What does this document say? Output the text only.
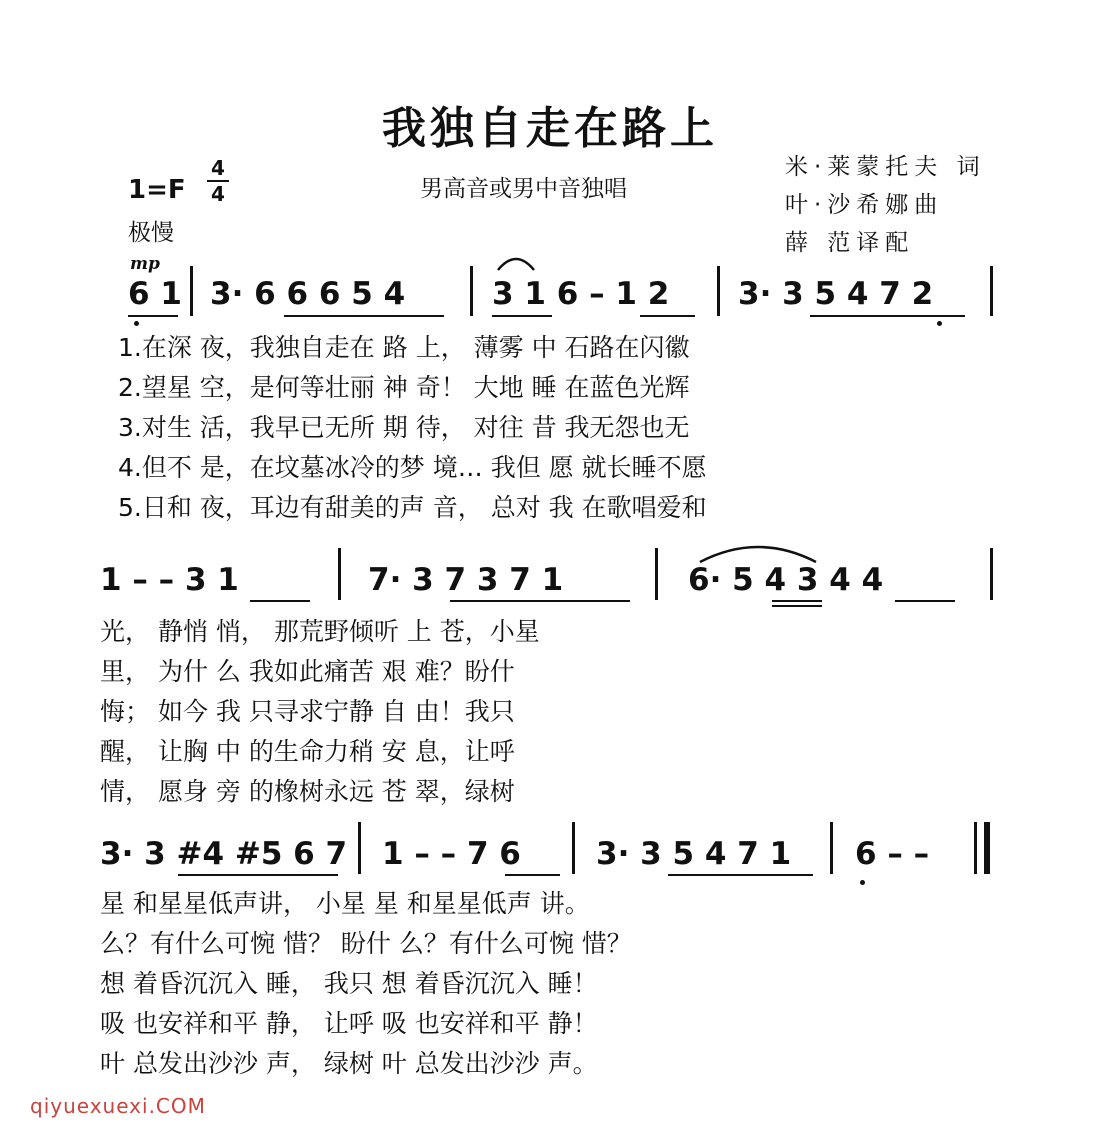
我独自走在路上
男高音或男中音独唱
米·莱蒙托夫 词
叶·沙希娜曲
薛 范译配
1=F
4
4
极慢
mp
6 1 3· 6 6 6 5 4	3 1 6 – 1 2 3· 3 5 4 7 2
1.在深 夜，我独自走在 路 上， 薄雾 中 石路在闪徽
2.望星 空，是何等壮丽 神 奇！ 大地 睡 在蓝色光辉
3.对生 活，我早已无所 期 待， 对往 昔 我无怨也无
4.但不 是，在坟墓冰冷的梦 境… 我但 愿 就长睡不愿
5.日和 夜，耳边有甜美的声 音， 总对 我 在歌唱爱和
1 – – 3 1	7· 3 7 3 7 1	6· 5 4 3 4 4
光， 静悄 悄， 那荒野倾听 上 苍，小星
里， 为什 么 我如此痛苦 艰 难？盼什
悔； 如今 我 只寻求宁静 自 由！我只
醒， 让胸 中 的生命力稍 安 息，让呼
情， 愿身 旁 的橡树永远 苍 翠，绿树
3· 3 #4 #5 6 7 1 – – 7 6 3· 3 5 4 7 1 6 – –
星 和星星低声讲， 小星 星 和星星低声 讲。
么？有什么可惋 惜？ 盼什 么？有什么可惋 惜？
想 着昏沉沉入 睡， 我只 想 着昏沉沉入 睡！
吸 也安祥和平 静， 让呼 吸 也安祥和平 静！
叶 总发出沙沙 声， 绿树 叶 总发出沙沙 声。
qiyuexuexi.COM
